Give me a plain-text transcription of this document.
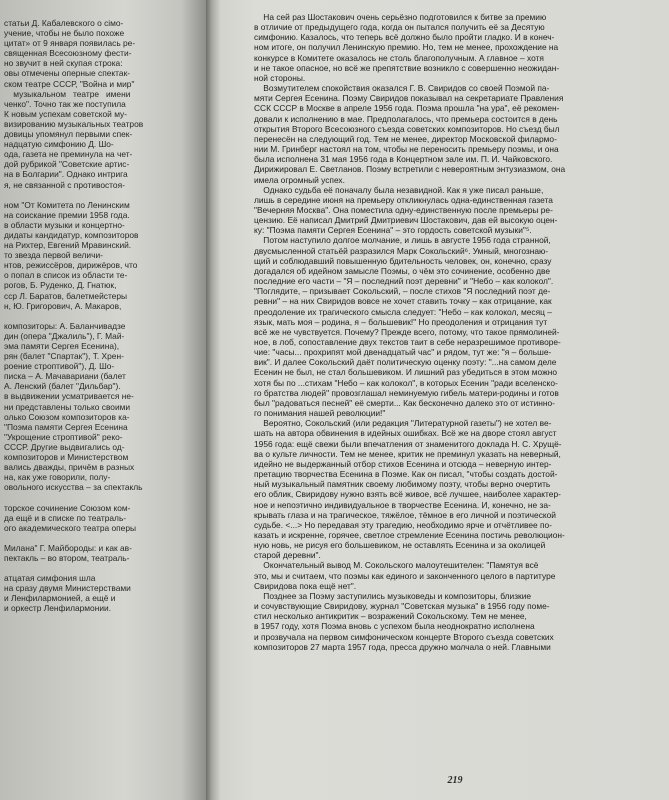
статьи Д. Кабалевского о сімо-
учение, чтобы не было похоже
цитат» от 9 января появилась ре-
священная Всесоюзному фести-
но звучит в ней скупая строка:
овы отмечены оперные спектак-
ском театре СССР, "Война и мир"
музыкальном   театре   имени
ченко". Точно так же поступила
К новым успехам советской му-
визированию музыкальных театров
довицы упомянул первыми спек-
надцатую симфонию Д. Шо-
ода, газета не преминула на чет-
дой рубрикой "Советские артис-
на в Болгарии". Однако интрига
я, не связанной с противостоя-

ном "От Комитета по Ленинским
на соискание премии 1958 года.
в области музыки и концертно-
дидаты кандидатур, композиторов
на Рихтер, Евгений Мравинский.
то звезда первой величи-
нтов, режиссёров, дирижёров, что
о попал в список из области те-
рогов, Б. Руденко, Д. Гнатюк,
сср Л. Баратов, балетмейстеры
н, Ю. Григорович, А. Макаров,

композиторы: А. Баланчивадзе
дин (опера "Джалиль"), Г. Май-
эма памяти Сергея Есенина),
рян (балет "Спартак"), Т. Хрен-
роение строптивой"), Д. Шо-
писка – А. Мачавариани (балет
А. Ленский (балет "Дильбар").
в выдвижении усматривается не-
ни представлены только своими
олько Союзом композиторов ка-
"Поэма памяти Сергея Есенина
"Укрощение строптивой" реко-
СССР. Другие выдвигались од-
композиторов и Министерством
вались дважды, причём в разных
на, как уже говорили, полу-
овольного искусства – за спектакль

торское сочинение Союзом ком-
да ещё и в списке по театраль-
ого академического театра оперы

Милана" Г. Майбороды: и как ав-
пектакль – во втором, театраль-

атцатая симфония шла
на сразу двумя Министерствами
и Ленфилармонией, а ещё и
и оркестр Ленфилармонии.
На сей раз Шостакович очень серьёзно подготовился к битве за премию
в отличие от предыдущего года, когда он пытался получить её за Десятую
симфонию. Казалось, что теперь всё должно было пройти гладко. И в конеч-
ном итоге, он получил Ленинскую премию. Но, тем не менее, прохождение на
конкурсе в Комитете оказалось не столь благополучным. А главное – хотя
и не такое опасное, но всё же препятствие возникло с совершенно неожидан-
ной стороны.
Возмутителем спокойствия оказался Г. В. Свиридов со своей Поэмой па-
мяти Сергея Есенина. Поэму Свиридов показывал на секретариате Правления
ССК СССР в Москве в апреле 1956 года. Поэма прошла "на ура", её рекомен-
довали к исполнению в мае. Предполагалось, что премьера состоится в день
открытия Второго Всесоюзного съезда советских композиторов. Но съезд был
перенесён на следующий год. Тем не менее, директор Московской филармо-
нии М. Гринберг настоял на том, чтобы не переносить премьеру поэмы, и она
была исполнена 31 мая 1956 года в Концертном зале им. П. И. Чайковского.
Дирижировал Е. Светланов. Поэму встретили с невероятным энтузиазмом, она
имела огромный успех.
Однако судьба её поначалу была незавидной. Как я уже писал раньше,
лишь в середине июня на премьеру откликнулась одна-единственная газета
"Вечерняя Москва". Она поместила одну-единственную после премьеры ре-
цензию. Её написал Дмитрий Дмитриевич Шостакович, дав ей высокую оцен-
ку: "Поэма памяти Сергея Есенина" – это гордость советской музыки"⁵.
Потом наступило долгое молчание, и лишь в августе 1956 года странной,
двусмысленной статьёй разразился Марк Сокольский⁶. Умный, многознаю-
щий и соблюдавший повышенную бдительность человек, он, конечно, сразу
догадался об идейном замысле Поэмы, о чём это сочинение, особенно две
последние его части – "Я – последний поэт деревни" и "Небо – как колокол".
"Поглядите, – призывает Сокольский, – после стихов "Я последний поэт де-
ревни" – на них Свиридов вовсе не хочет ставить точку – как отрицание, как
преодоление их трагического смысла следует: "Небо – как колокол, месяц –
язык, мать моя – родина, я – большевик!" Но преодоления и отрицания тут
всё же не чувствуется. Почему? Прежде всего, потому, что такое прямолиней-
ное, в лоб, сопоставление двух текстов таит в себе неразрешимое противоре-
чие: "часы... прохрипят мой двенадцатый час" и рядом, тут же: "я – больше-
вик". И далее Сокольский даёт политическую оценку поэту: "...на самом деле
Есенин не был, не стал большевиком. И лишний раз убедиться в этом можно
хотя бы по ...стихам "Небо – как колокол", в которых Есенин "ради вселенско-
го братства людей" провозглашал неминуемую гибель матери-родины и готов
был "радоваться песней" её смерти... Как бесконечно далеко это от истинно-
го понимания нашей революции!"
Вероятно, Сокольский (или редакция "Литературной газеты") не хотел ве-
шать на автора обвинения в идейных ошибках. Всё же на дворе стоял август
1956 года: ещё свежи были впечатления от знаменитого доклада Н. С. Хрущё-
ва о культе личности. Тем не менее, критик не преминул указать на неверный,
идейно не выдержанный отбор стихов Есенина и отсюда – неверную интер-
претацию творчества Есенина в Поэме. Как он писал, "чтобы создать достой-
ный музыкальный памятник своему любимому поэту, чтобы верно очертить
его облик, Свиридову нужно взять всё живое, всё лучшее, наиболее характер-
ное и непоэтично индивидуальное в творчестве Есенина. И, конечно, не за-
крывать глаза и на трагическое, тяжёлое, тёмное в его личной и поэтической
судьбе. <...> Но передавая эту трагедию, необходимо ярче и отчётливее по-
казать и искренне, горячее, светлое стремление Есенина постичь революцион-
ную новь, не рисуя его большевиком, не оставлять Есенина и за околицей
старой деревни".
Окончательный вывод М. Сокольского малоутешителен: "Памятуя всё
это, мы и считаем, что поэмы как единого и законченного целого в партитуре
Свиридова пока ещё нет".
Позднее за Поэму заступились музыковеды и композиторы, близкие
и сочувствующие Свиридову, журнал "Советская музыка" в 1956 году поме-
стил несколько антикритик – возражений Сокольскому. Тем не менее,
в 1957 году, хотя Поэма вновь с успехом была неоднократно исполнена
и прозвучала на первом симфоническом концерте Второго съезда советских
композиторов 27 марта 1957 года, пресса дружно молчала о ней. Главными
219
